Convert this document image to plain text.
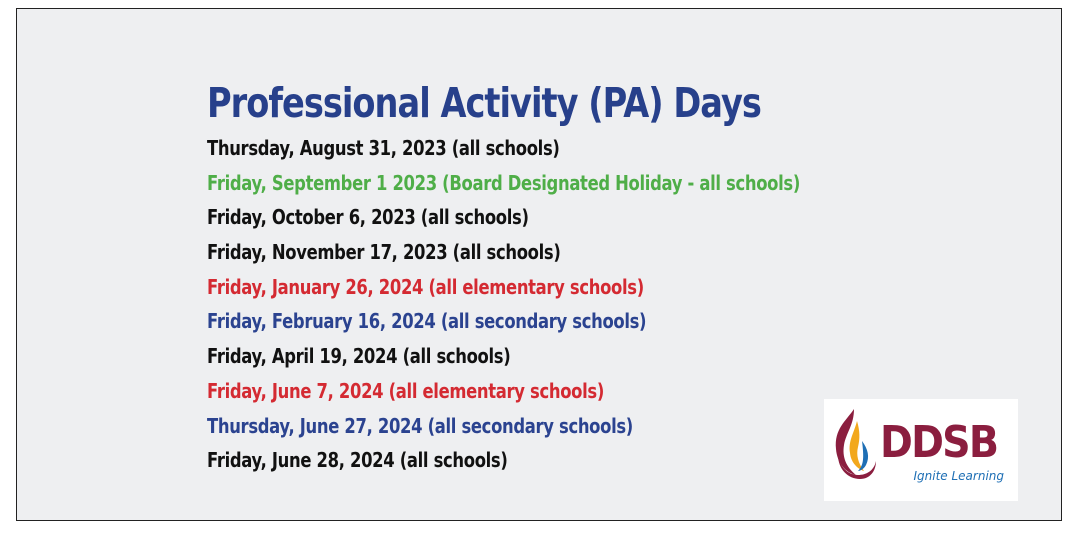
Professional Activity (PA) Days
Thursday, August 31, 2023 (all schools)
Friday, September 1 2023 (Board Designated Holiday - all schools)
Friday, October 6, 2023 (all schools)
Friday, November 17, 2023 (all schools)
Friday, January 26, 2024 (all elementary schools)
Friday, February 16, 2024 (all secondary schools)
Friday, April 19, 2024 (all schools)
Friday, June 7, 2024 (all elementary schools)
Thursday, June 27, 2024 (all secondary schools)
Friday, June 28, 2024 (all schools)	DDSB
Ignite Learning
